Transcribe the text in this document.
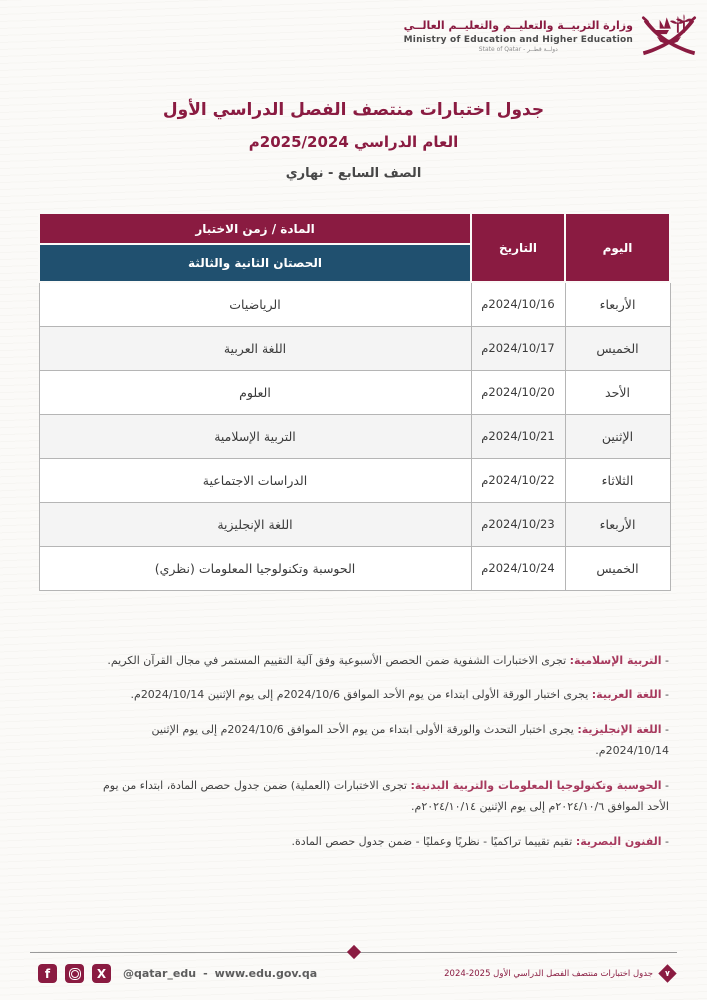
وزارة التربيــة والتعليــم والتعليــم العالــي
Ministry of Education and Higher Education
دولــة قطــر - State of Qatar
جدول اختبارات منتصف الفصل الدراسي الأول
العام الدراسي 2025/2024م
الصف السابع - نهاري
اليوم	التاريخ	المادة / زمن الاختبار
		الحصتان الثانية والثالثة
الأربعاء	2024/10/16م	الرياضيات
الخميس	2024/10/17م	اللغة العربية
الأحد	2024/10/20م	العلوم
الإثنين	2024/10/21م	التربية الإسلامية
الثلاثاء	2024/10/22م	الدراسات الاجتماعية
الأربعاء	2024/10/23م	اللغة الإنجليزية
الخميس	2024/10/24م	الحوسبة وتكنولوجيا المعلومات (نظري)
- التربية الإسلامية: تجرى الاختبارات الشفوية ضمن الحصص الأسبوعية وفق آلية التقييم المستمر في مجال القرآن الكريم.
- اللغة العربية: يجرى اختبار الورقة الأولى ابتداء من يوم الأحد الموافق 2024/10/6م إلى يوم الإثنين 2024/10/14م.
- اللغة الإنجليزية: يجرى اختبار التحدث والورقة الأولى ابتداء من يوم الأحد الموافق 2024/10/6م إلى يوم الإثنين 2024/10/14م.
- الحوسبة وتكنولوجيا المعلومات والتربية البدنية: تجرى الاختبارات (العملية) ضمن جدول حصص المادة، ابتداء من يوم الأحد الموافق ٢٠٢٤/١٠/٦م إلى يوم الإثنين ٢٠٢٤/١٠/١٤م.
- الفنون البصرية: تقيم تقييما تراكميًا - نظريًا وعمليًا - ضمن جدول حصص المادة.
f	X	@qatar_edu - www.edu.gov.qa	جدول اختبارات منتصف الفصل الدراسي الأول 2025-2024 ٧
